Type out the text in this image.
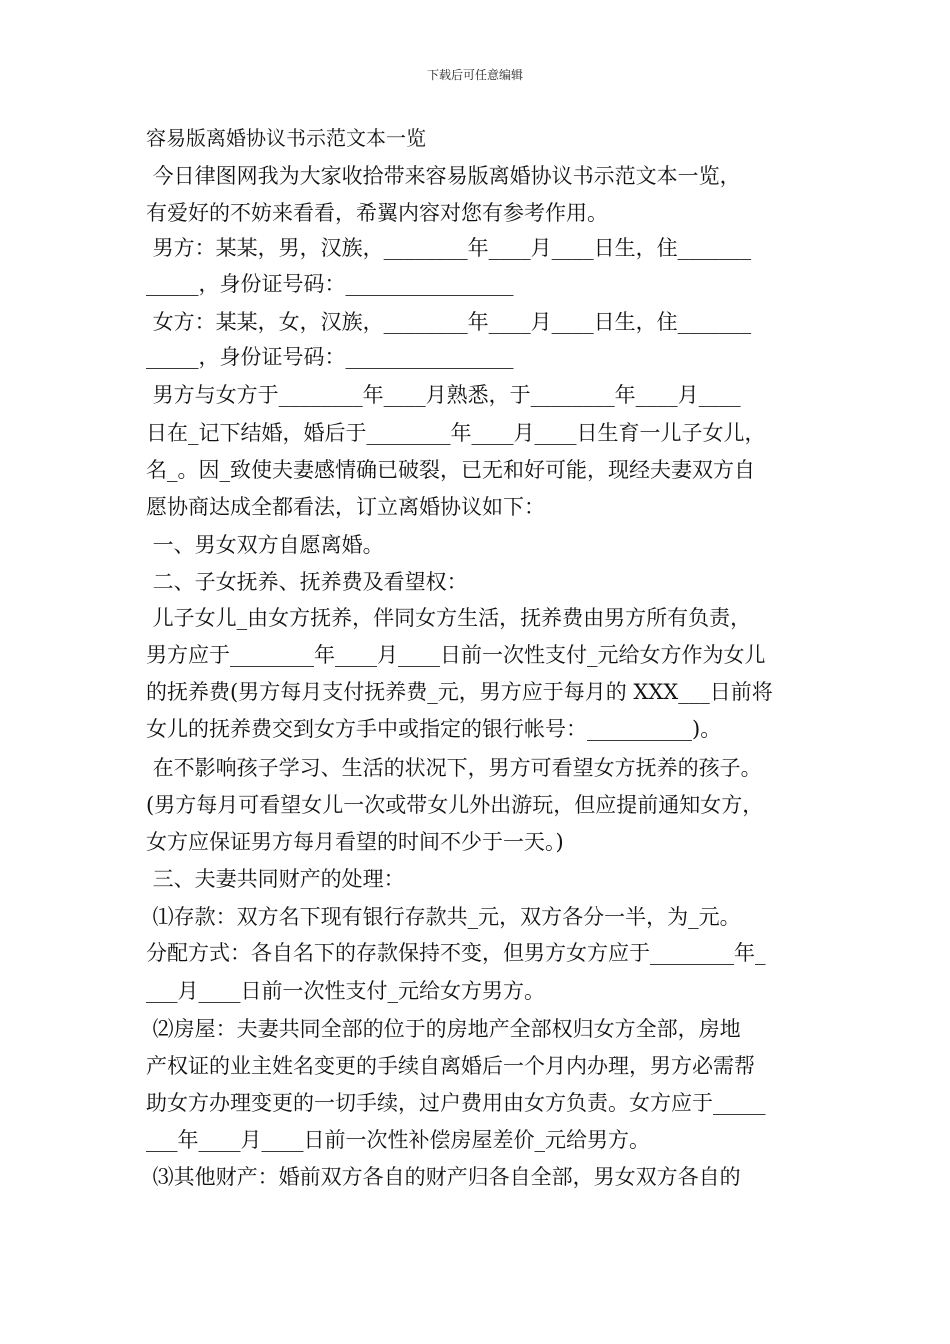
下载后可任意编辑
容易版离婚协议书示范文本一览
今日律图网我为大家收拾带来容易版离婚协议书示范文本一览，
有爱好的不妨来看看，希翼内容对您有参考作用。
男方：某某，男，汉族，________年____月____日生，住_______
_____，身份证号码：________________
女方：某某，女，汉族，________年____月____日生，住_______
_____，身份证号码：________________
男方与女方于________年____月熟悉，于________年____月____
日在_记下结婚，婚后于________年____月____日生育一儿子女儿，
名_。因_致使夫妻感情确已破裂，已无和好可能，现经夫妻双方自
愿协商达成全都看法，订立离婚协议如下：
一、男女双方自愿离婚。
二、子女抚养、抚养费及看望权：
儿子女儿_由女方抚养，伴同女方生活，抚养费由男方所有负责，
男方应于________年____月____日前一次性支付_元给女方作为女儿
的抚养费(男方每月支付抚养费_元，男方应于每月的 XXX___日前将
女儿的抚养费交到女方手中或指定的银行帐号：__________)。
在不影响孩子学习、生活的状况下，男方可看望女方抚养的孩子。
(男方每月可看望女儿一次或带女儿外出游玩，但应提前通知女方，
女方应保证男方每月看望的时间不少于一天。)
三、夫妻共同财产的处理：
⑴存款：双方名下现有银行存款共_元，双方各分一半，为_元。
分配方式：各自名下的存款保持不变，但男方女方应于________年_
___月____日前一次性支付_元给女方男方。
⑵房屋：夫妻共同全部的位于的房地产全部权归女方全部，房地
产权证的业主姓名变更的手续自离婚后一个月内办理，男方必需帮
助女方办理变更的一切手续，过户费用由女方负责。女方应于_____
___年____月____日前一次性补偿房屋差价_元给男方。
⑶其他财产：婚前双方各自的财产归各自全部，男女双方各自的
